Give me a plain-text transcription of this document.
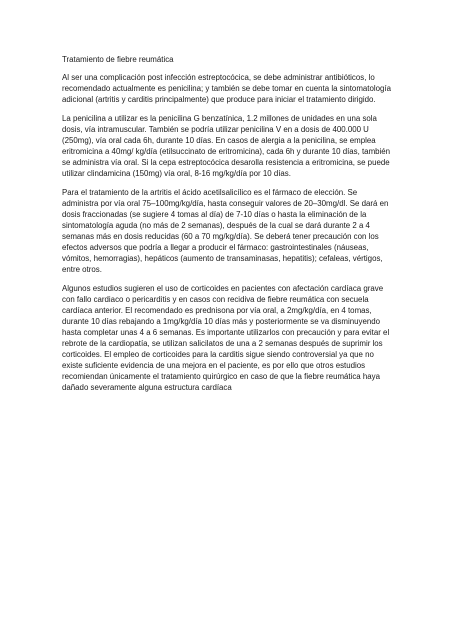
Tratamiento de fiebre reumática

Al ser una complicación post infección estreptocócica, se debe administrar antibióticos, lo recomendado actualmente es penicilina; y también se debe tomar en cuenta la sintomatología adicional (artritis y carditis principalmente) que produce para iniciar el tratamiento dirigido.

La penicilina a utilizar es la penicilina G benzatínica, 1.2 millones de unidades en una sola dosis, vía intramuscular. También se podría utilizar penicilina V en a dosis de 400.000 U (250mg), vía oral cada 6h, durante 10 días. En casos de alergia a la penicilina, se emplea eritromicina a 40mg/ kg/día (etilsuccinato de eritromicina), cada 6h y durante 10 días, también se administra vía oral. Si la cepa estreptocócica desarolla resistencia a eritromicina, se puede utilizar clindamicina (150mg) vía oral, 8-16 mg/kg/día por 10 días.

Para el tratamiento de la artritis el ácido acetilsalicílico es el fármaco de elección. Se administra por vía oral 75–100mg/kg/día, hasta conseguir valores de 20–30mg/dl. Se dará en dosis fraccionadas (se sugiere 4 tomas al día) de 7-10 días o hasta la eliminación de la sintomatología aguda (no más de 2 semanas), después de la cual se dará durante 2 a 4 semanas más en dosis reducidas (60 a 70 mg/kg/día). Se deberá tener precaución con los efectos adversos que podría a llegar a producir el fármaco: gastrointestinales (náuseas, vómitos, hemorragias), hepáticos (aumento de transaminasas, hepatitis); cefaleas, vértigos, entre otros.

Algunos estudios sugieren el uso de corticoides en pacientes con afectación cardíaca grave con fallo cardiaco o pericarditis y en casos con recidiva de fiebre reumática con secuela cardíaca anterior. El recomendado es prednisona por vía oral, a 2mg/kg/día, en 4 tomas, durante 10 días rebajando a 1mg/kg/día 10 días más y posteriormente se va disminuyendo hasta completar unas 4 a 6 semanas. Es importante utilizarlos con precaución y para evitar el rebrote de la cardiopatía, se utilizan salicilatos de una a 2 semanas después de suprimir los corticoides. El empleo de corticoides para la carditis sigue siendo controversial ya que no existe suficiente evidencia de una mejora en el paciente, es por ello que otros estudios recomiendan únicamente el tratamiento quirúrgico en caso de que la fiebre reumática haya dañado severamente alguna estructura cardíaca
